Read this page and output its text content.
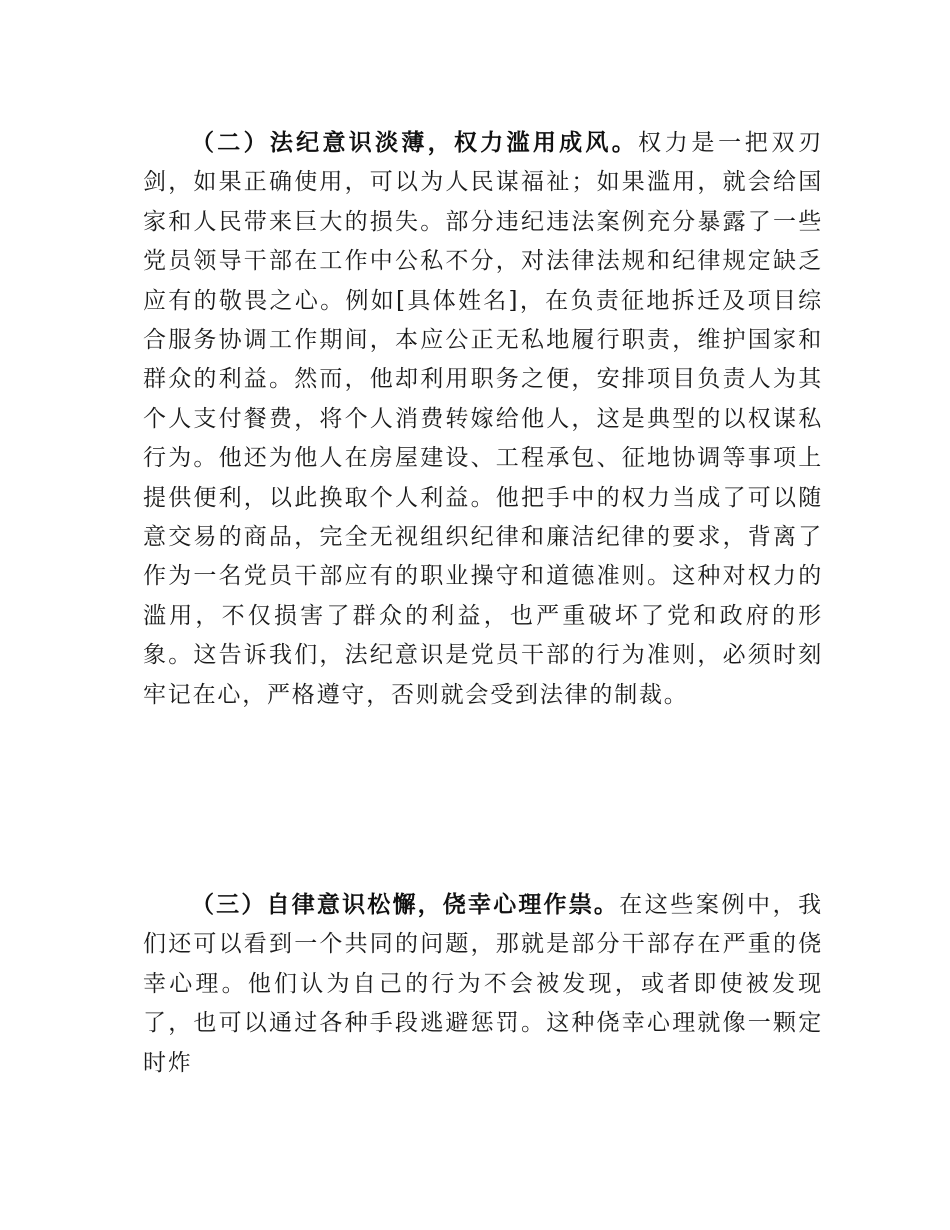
（二）法纪意识淡薄，权力滥用成风。权力是一把双刃剑，如果正确使用，可以为人民谋福祉；如果滥用，就会给国家和人民带来巨大的损失。部分违纪违法案例充分暴露了一些党员领导干部在工作中公私不分，对法律法规和纪律规定缺乏应有的敬畏之心。例如[具体姓名]，在负责征地拆迁及项目综合服务协调工作期间，本应公正无私地履行职责，维护国家和群众的利益。然而，他却利用职务之便，安排项目负责人为其个人支付餐费，将个人消费转嫁给他人，这是典型的以权谋私行为。他还为他人在房屋建设、工程承包、征地协调等事项上提供便利，以此换取个人利益。他把手中的权力当成了可以随意交易的商品，完全无视组织纪律和廉洁纪律的要求，背离了作为一名党员干部应有的职业操守和道德准则。这种对权力的滥用，不仅损害了群众的利益，也严重破坏了党和政府的形象。这告诉我们，法纪意识是党员干部的行为准则，必须时刻牢记在心，严格遵守，否则就会受到法律的制裁。

（三）自律意识松懈，侥幸心理作祟。在这些案例中，我们还可以看到一个共同的问题，那就是部分干部存在严重的侥幸心理。他们认为自己的行为不会被发现，或者即使被发现了，也可以通过各种手段逃避惩罚。这种侥幸心理就像一颗定时炸
